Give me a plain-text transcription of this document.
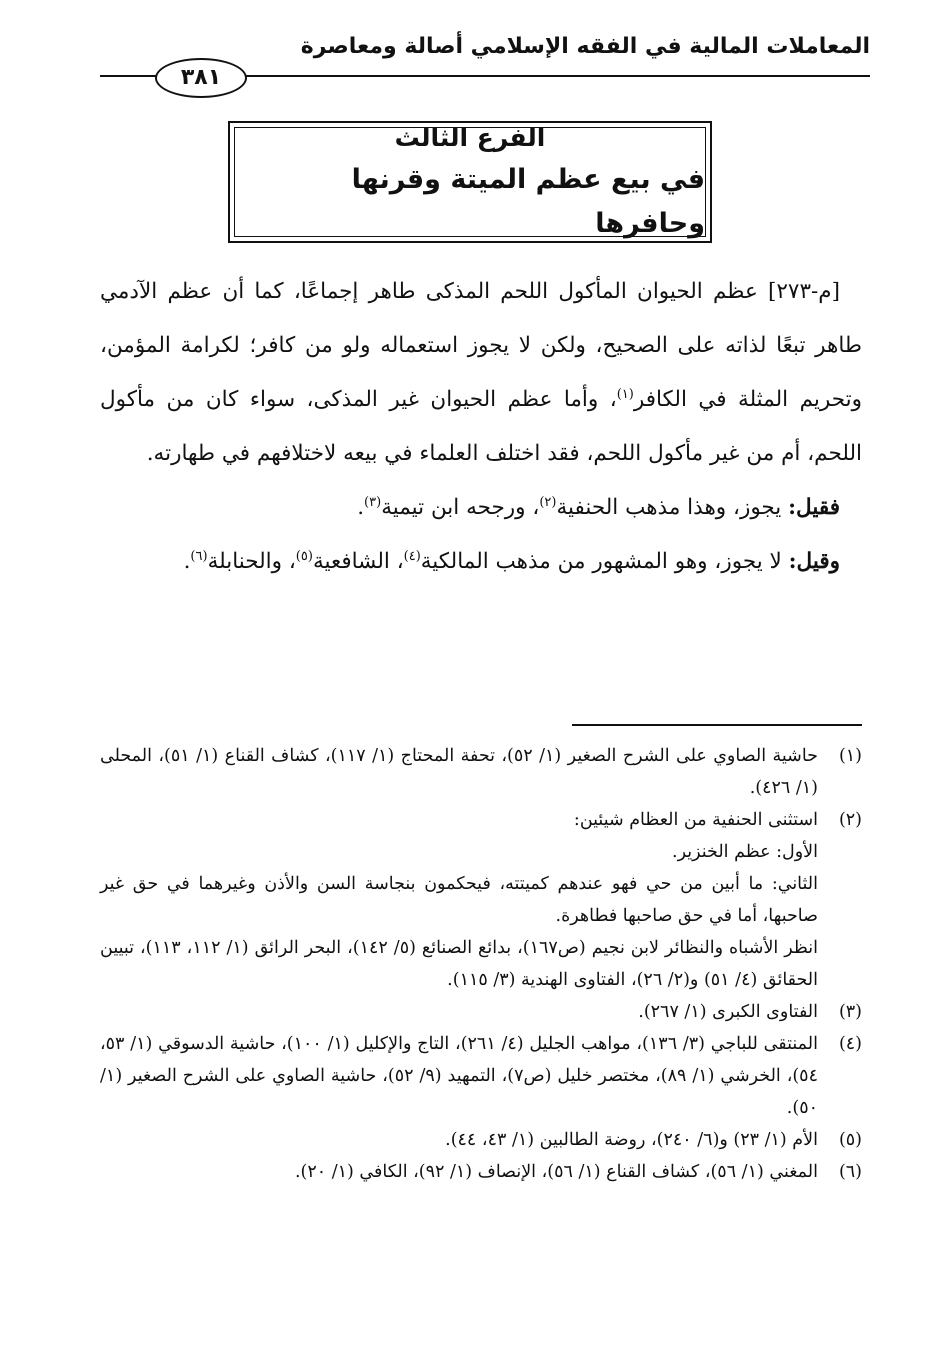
المعاملات المالية في الفقه الإسلامي أصالة ومعاصرة
٣٨١
الفرع الثالث
في بيع عظم الميتة وقرنها وحافرها

[م-٢٧٣] عظم الحيوان المأكول اللحم المذكى طاهر إجماعًا، كما أن عظم الآدمي طاهر تبعًا لذاته على الصحيح، ولكن لا يجوز استعماله ولو من كافر؛ لكرامة المؤمن، وتحريم المثلة في الكافر$^{(١)}$، وأما عظم الحيوان غير المذكى، سواء كان من مأكول اللحم، أم من غير مأكول اللحم، فقد اختلف العلماء في بيعه لاختلافهم في طهارته.

فقيل: يجوز، وهذا مذهب الحنفية$^{(٢)}$، ورجحه ابن تيمية$^{(٣)}$.

وقيل: لا يجوز، وهو المشهور من مذهب المالكية$^{(٤)}$، الشافعية$^{(٥)}$، والحنابلة$^{(٦)}$.

(١)

حاشية الصاوي على الشرح الصغير (١/ ٥٢)، تحفة المحتاج (١/ ١١٧)، كشاف القناع (١/ ٥١)، المحلى (١/ ٤٢٦).

(٢)

استثنى الحنفية من العظام شيئين:

الأول: عظم الخنزير.

الثاني: ما أبين من حي فهو عندهم كميتته، فيحكمون بنجاسة السن والأذن وغيرهما في حق غير صاحبها، أما في حق صاحبها فطاهرة.

انظر الأشباه والنظائر لابن نجيم (ص١٦٧)، بدائع الصنائع (٥/ ١٤٢)، البحر الرائق (١/ ١١٢، ١١٣)، تبيين الحقائق (٤/ ٥١) و(٢/ ٢٦)، الفتاوى الهندية (٣/ ١١٥).

(٣)

الفتاوى الكبرى (١/ ٢٦٧).

(٤)

المنتقى للباجي (٣/ ١٣٦)، مواهب الجليل (٤/ ٢٦١)، التاج والإكليل (١/ ١٠٠)، حاشية الدسوقي (١/ ٥٣، ٥٤)، الخرشي (١/ ٨٩)، مختصر خليل (ص٧)، التمهيد (٩/ ٥٢)، حاشية الصاوي على الشرح الصغير (١/ ٥٠).

(٥)

الأم (١/ ٢٣) و(٦/ ٢٤٠)، روضة الطالبين (١/ ٤٣، ٤٤).

(٦)

المغني (١/ ٥٦)، كشاف القناع (١/ ٥٦)، الإنصاف (١/ ٩٢)، الكافي (١/ ٢٠).
